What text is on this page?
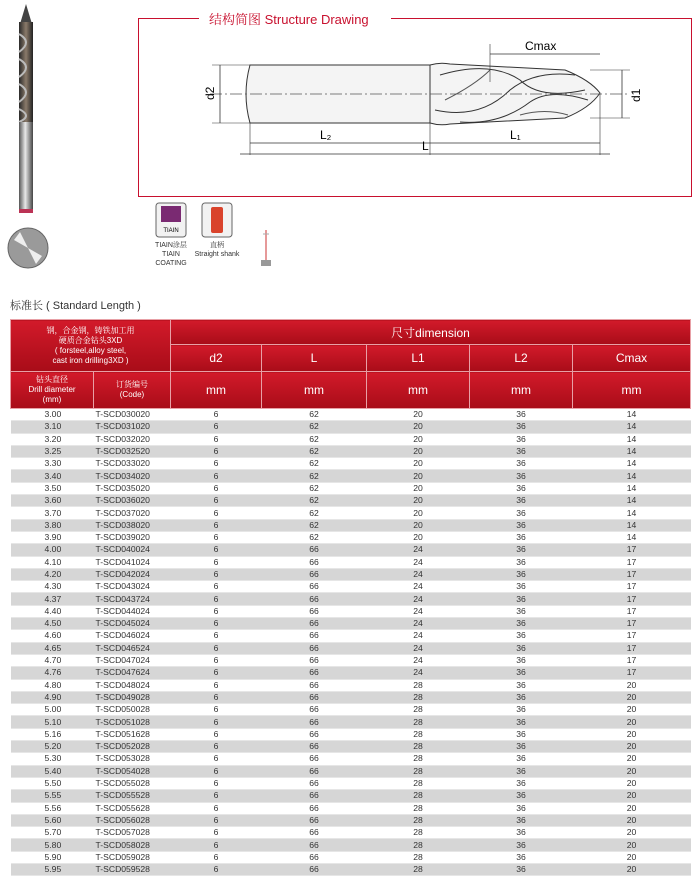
结构简图 Structure Drawing
d2	d1
Cmax
L₂	L₁
L
TIAIN
TIAIN涂层
TIAIN COATING
直柄
Straight shank
标准长 ( Standard Length )
钢，合金钢，铸铁加工用
硬质合金钻头3XD
( forsteel,alloy steel,
cast iron drilling3XD )		尺寸dimension				
		d2	L	L1	L2	Cmax
钻头直径
Drill diameter
(mm)	订货编号
(Code)	mm	mm	mm	mm	mm
3.00	T-SCD030020	6	62	20	36	14
3.10	T-SCD031020	6	62	20	36	14
3.20	T-SCD032020	6	62	20	36	14
3.25	T-SCD032520	6	62	20	36	14
3.30	T-SCD033020	6	62	20	36	14
3.40	T-SCD034020	6	62	20	36	14
3.50	T-SCD035020	6	62	20	36	14
3.60	T-SCD036020	6	62	20	36	14
3.70	T-SCD037020	6	62	20	36	14
3.80	T-SCD038020	6	62	20	36	14
3.90	T-SCD039020	6	62	20	36	14
4.00	T-SCD040024	6	66	24	36	17
4.10	T-SCD041024	6	66	24	36	17
4.20	T-SCD042024	6	66	24	36	17
4.30	T-SCD043024	6	66	24	36	17
4.37	T-SCD043724	6	66	24	36	17
4.40	T-SCD044024	6	66	24	36	17
4.50	T-SCD045024	6	66	24	36	17
4.60	T-SCD046024	6	66	24	36	17
4.65	T-SCD046524	6	66	24	36	17
4.70	T-SCD047024	6	66	24	36	17
4.76	T-SCD047624	6	66	24	36	17
4.80	T-SCD048024	6	66	28	36	20
4.90	T-SCD049028	6	66	28	36	20
5.00	T-SCD050028	6	66	28	36	20
5.10	T-SCD051028	6	66	28	36	20
5.16	T-SCD051628	6	66	28	36	20
5.20	T-SCD052028	6	66	28	36	20
5.30	T-SCD053028	6	66	28	36	20
5.40	T-SCD054028	6	66	28	36	20
5.50	T-SCD055028	6	66	28	36	20
5.55	T-SCD055528	6	66	28	36	20
5.56	T-SCD055628	6	66	28	36	20
5.60	T-SCD056028	6	66	28	36	20
5.70	T-SCD057028	6	66	28	36	20
5.80	T-SCD058028	6	66	28	36	20
5.90	T-SCD059028	6	66	28	36	20
5.95	T-SCD059528	6	66	28	36	20
